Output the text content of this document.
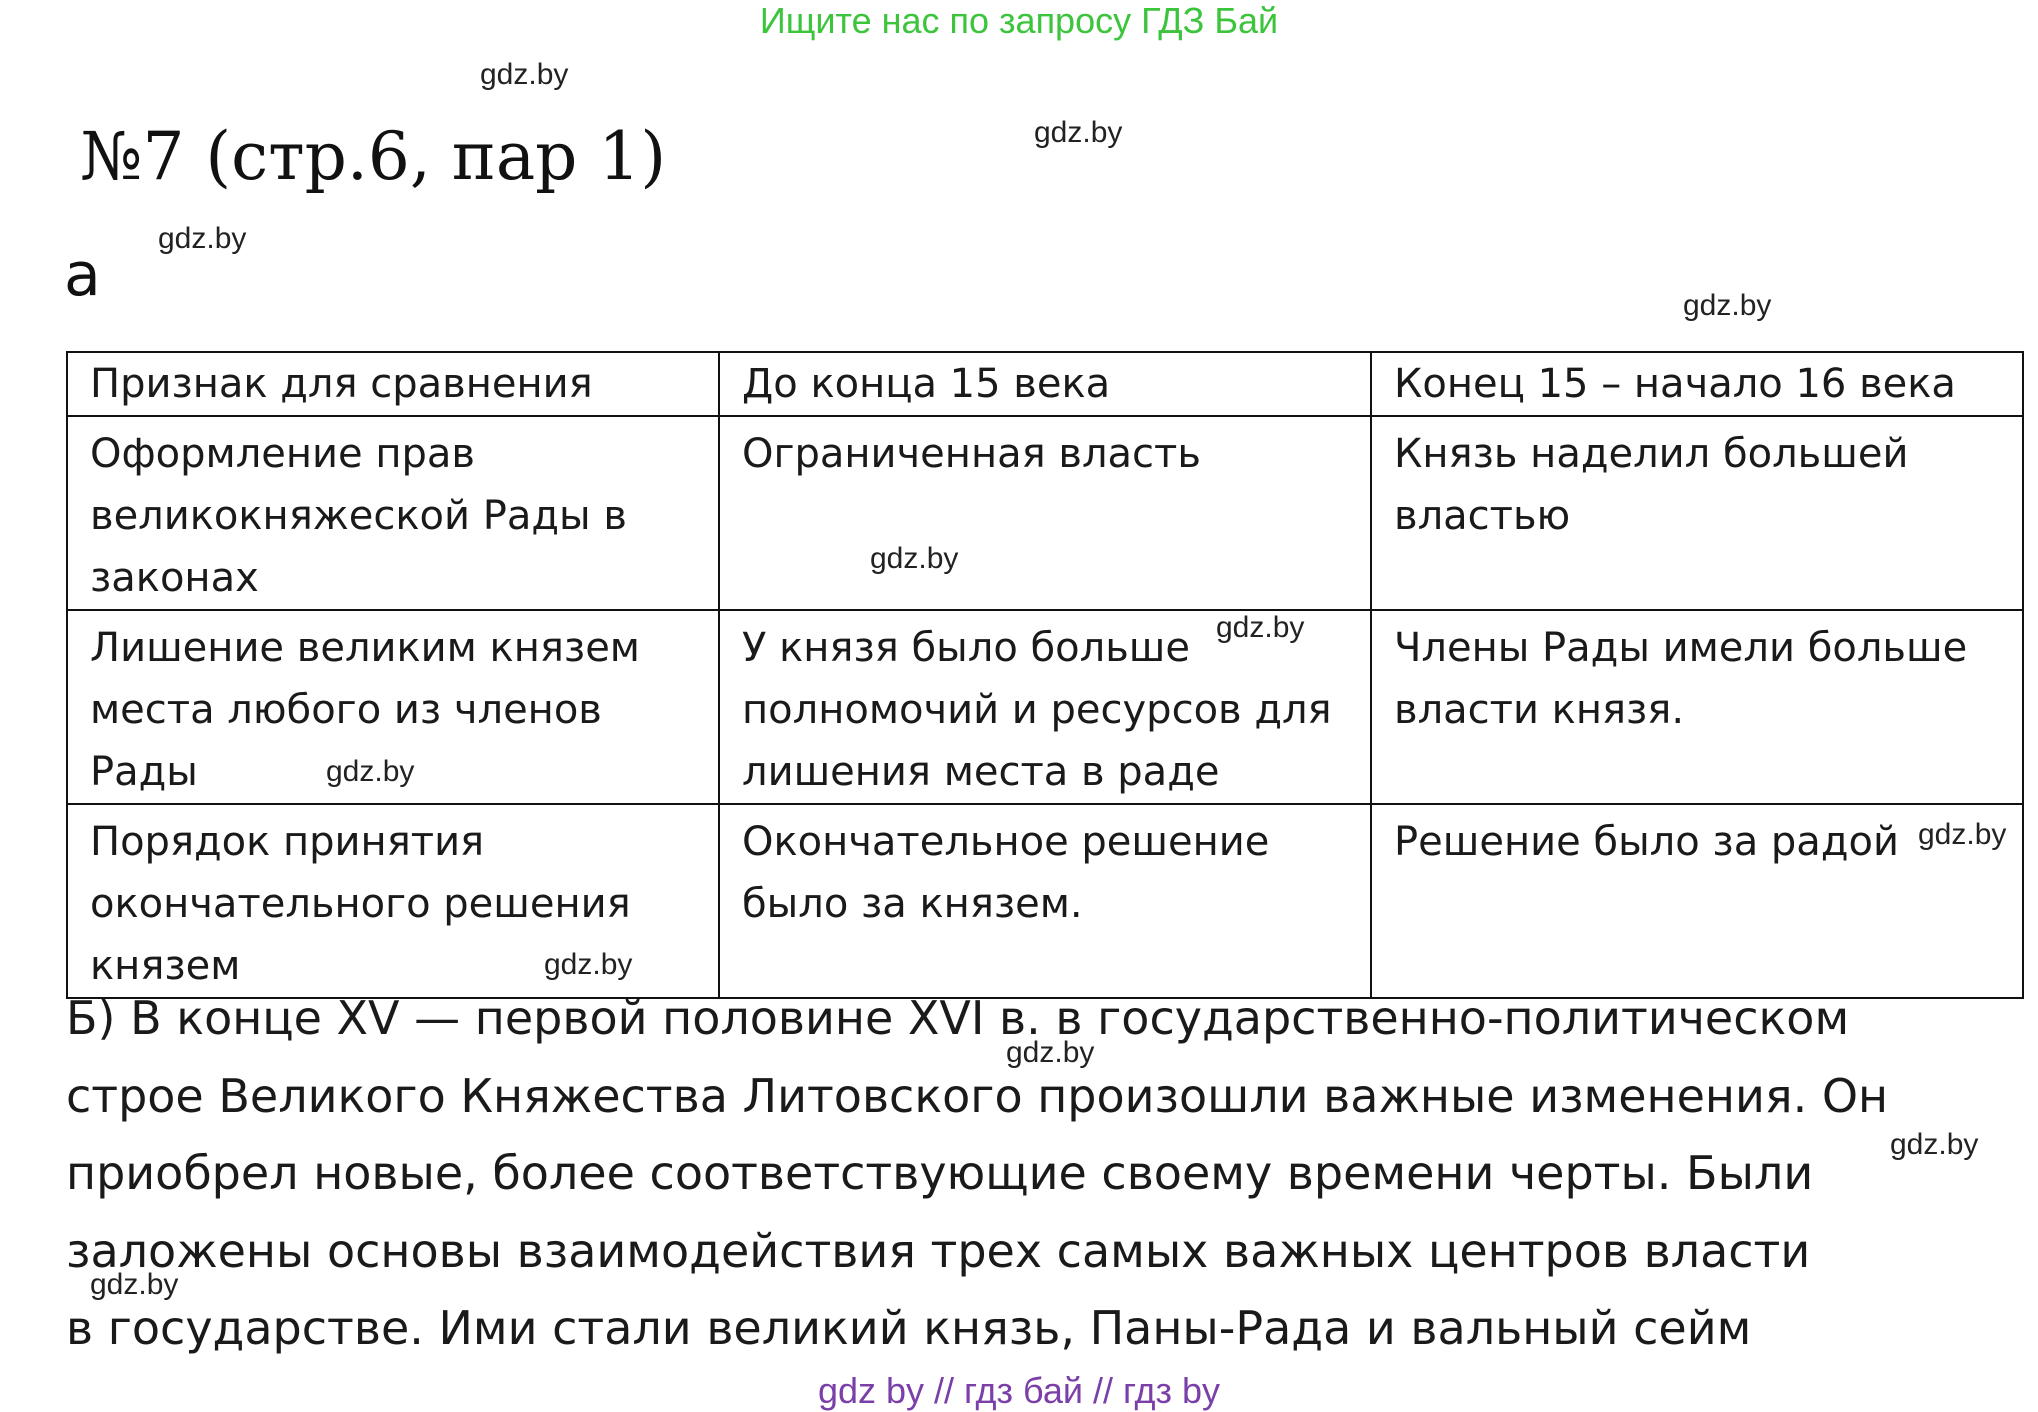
Ищите нас по запросу ГДЗ Бай
gdz.by
gdz.by
gdz.by
gdz.by
№7 (стр.6, пар 1)
а
Признак для сравнения	До конца 15 века	Конец 15 – начало 16 века
Оформление прав великокняжеской Рады в законах	Ограниченная власть	Князь наделил большей властью
Лишение великим князем места любого из членов Рады	У князя было больше полномочий и ресурсов для лишения места в раде	Члены Рады имели больше власти князя.
Порядок принятия окончательного решения князем	Окончательное решение было за князем.	Решение было за радой
gdz.by
gdz.by
gdz.by
gdz.by
gdz.by
Б) В конце XV — первой половине XVI в. в государственно-политическом
строе Великого Княжества Литовского произошли важные изменения. Он
приобрел новые, более соответствующие своему времени черты. Были
заложены основы взаимодействия трех самых важных центров власти
в государстве. Ими стали великий князь, Паны-Рада и вальный сейм
gdz.by
gdz.by
gdz.by
gdz by // гдз бай // гдз by
